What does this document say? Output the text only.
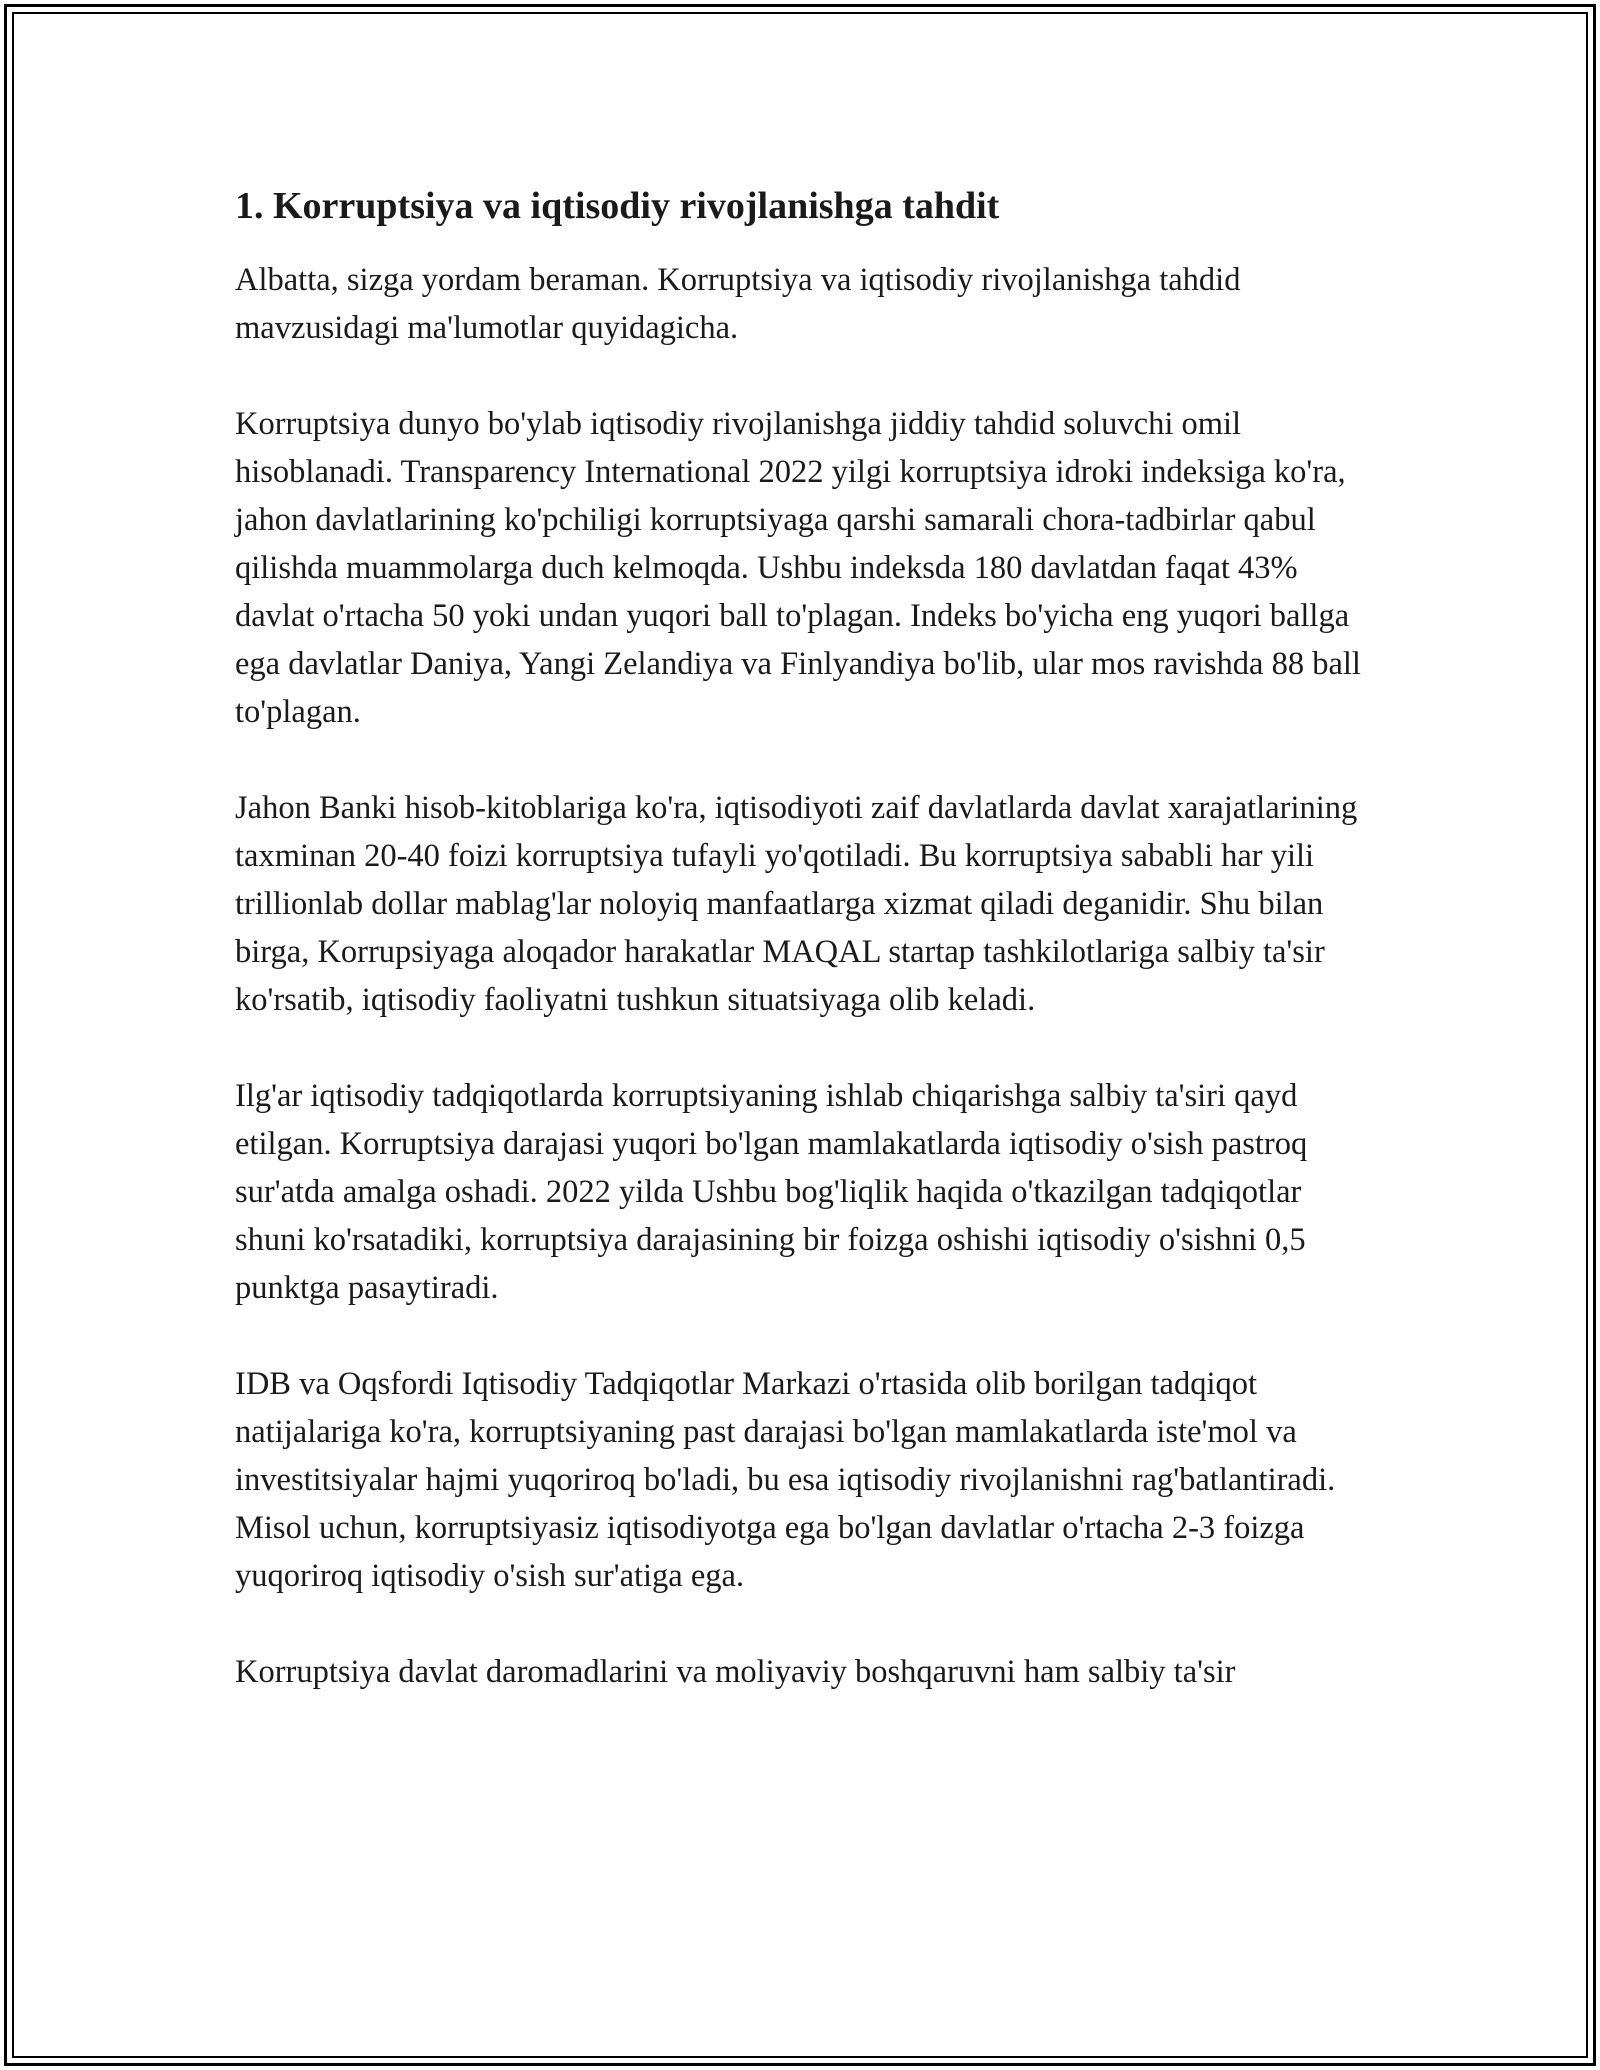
1. Korruptsiya va iqtisodiy rivojlanishga tahdit

Albatta, sizga yordam beraman. Korruptsiya va iqtisodiy rivojlanishga tahdid mavzusidagi ma'lumotlar quyidagicha.

Korruptsiya dunyo bo'ylab iqtisodiy rivojlanishga jiddiy tahdid soluvchi omil hisoblanadi. Transparency International 2022 yilgi korruptsiya idroki indeksiga ko'ra, jahon davlatlarining ko'pchiligi korruptsiyaga qarshi samarali chora-tadbirlar qabul qilishda muammolarga duch kelmoqda. Ushbu indeksda 180 davlatdan faqat 43% davlat o'rtacha 50 yoki undan yuqori ball to'plagan. Indeks bo'yicha eng yuqori ballga ega davlatlar Daniya, Yangi Zelandiya va Finlyandiya bo'lib, ular mos ravishda 88 ball to'plagan.

Jahon Banki hisob-kitoblariga ko'ra, iqtisodiyoti zaif davlatlarda davlat xarajatlarining taxminan 20-40 foizi korruptsiya tufayli yo'qotiladi. Bu korruptsiya sababli har yili trillionlab dollar mablag'lar noloyiq manfaatlarga xizmat qiladi deganidir. Shu bilan birga, Korrupsiyaga aloqador harakatlar MAQAL startap tashkilotlariga salbiy ta'sir ko'rsatib, iqtisodiy faoliyatni tushkun situatsiyaga olib keladi.

Ilg'ar iqtisodiy tadqiqotlarda korruptsiyaning ishlab chiqarishga salbiy ta'siri qayd etilgan. Korruptsiya darajasi yuqori bo'lgan mamlakatlarda iqtisodiy o'sish pastroq sur'atda amalga oshadi. 2022 yilda Ushbu bog'liqlik haqida o'tkazilgan tadqiqotlar shuni ko'rsatadiki, korruptsiya darajasining bir foizga oshishi iqtisodiy o'sishni 0,5 punktga pasaytiradi.

IDB va Oqsfordi Iqtisodiy Tadqiqotlar Markazi o'rtasida olib borilgan tadqiqot natijalariga ko'ra, korruptsiyaning past darajasi bo'lgan mamlakatlarda iste'mol va investitsiyalar hajmi yuqoriroq bo'ladi, bu esa iqtisodiy rivojlanishni rag'batlantiradi. Misol uchun, korruptsiyasiz iqtisodiyotga ega bo'lgan davlatlar o'rtacha 2-3 foizga yuqoriroq iqtisodiy o'sish sur'atiga ega.

Korruptsiya davlat daromadlarini va moliyaviy boshqaruvni ham salbiy ta'sir
